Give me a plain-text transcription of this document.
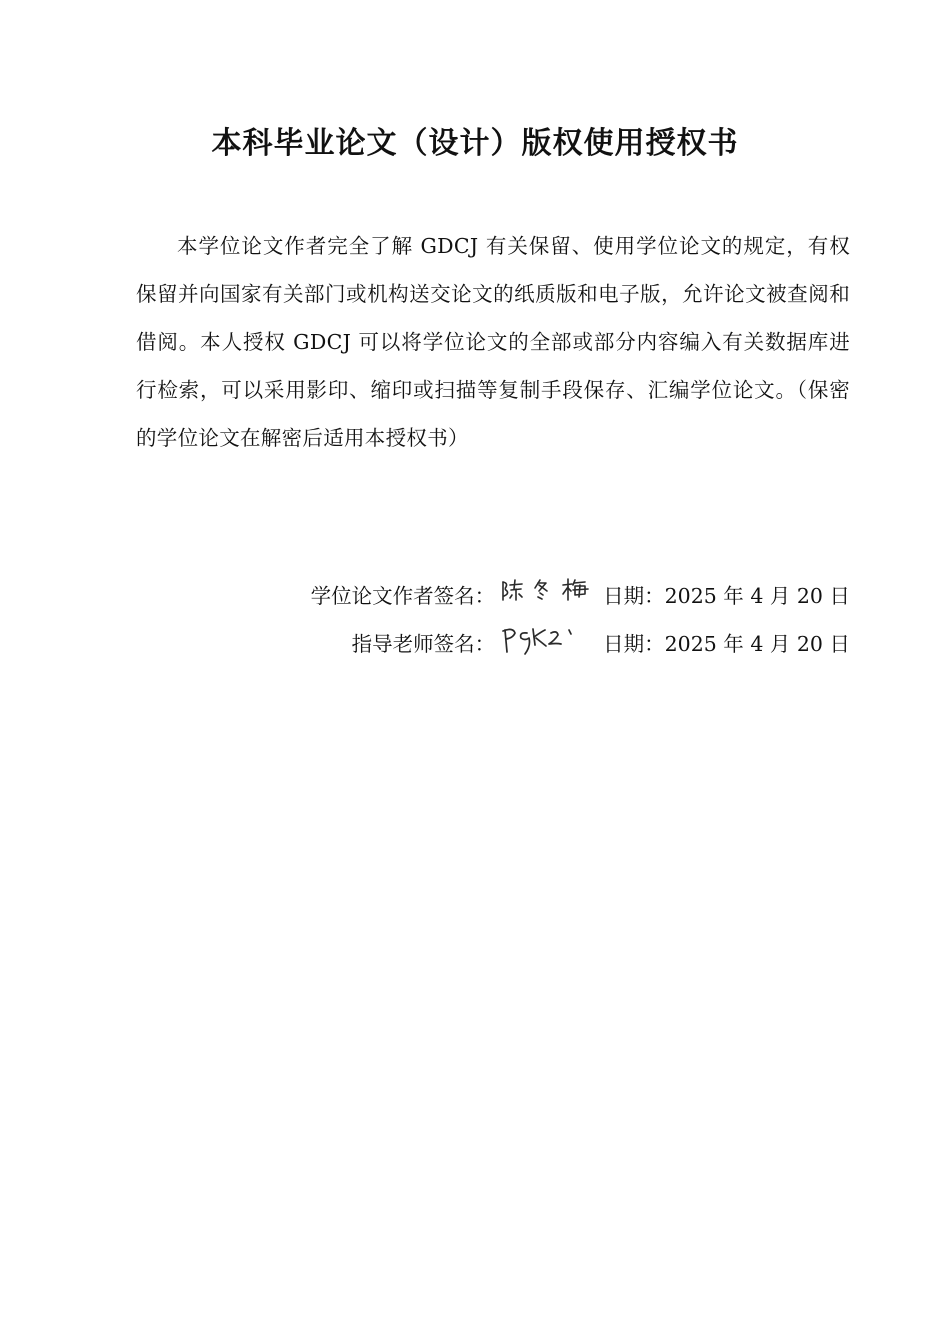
本科毕业论文（设计）版权使用授权书

本学位论文作者完全了解 GDCJ 有关保留、使用学位论文的规定，有权保留并向国家有关部门或机构送交论文的纸质版和电子版，允许论文被查阅和借阅。本人授权 GDCJ 可以将学位论文的全部或部分内容编入有关数据库进行检索，可以采用影印、缩印或扫描等复制手段保存、汇编学位论文。（保密的学位论文在解密后适用本授权书）

学位论文作者签名：	日期： 2025 年 4 月 20 日
指导老师签名：	日期： 2025 年 4 月 20 日
